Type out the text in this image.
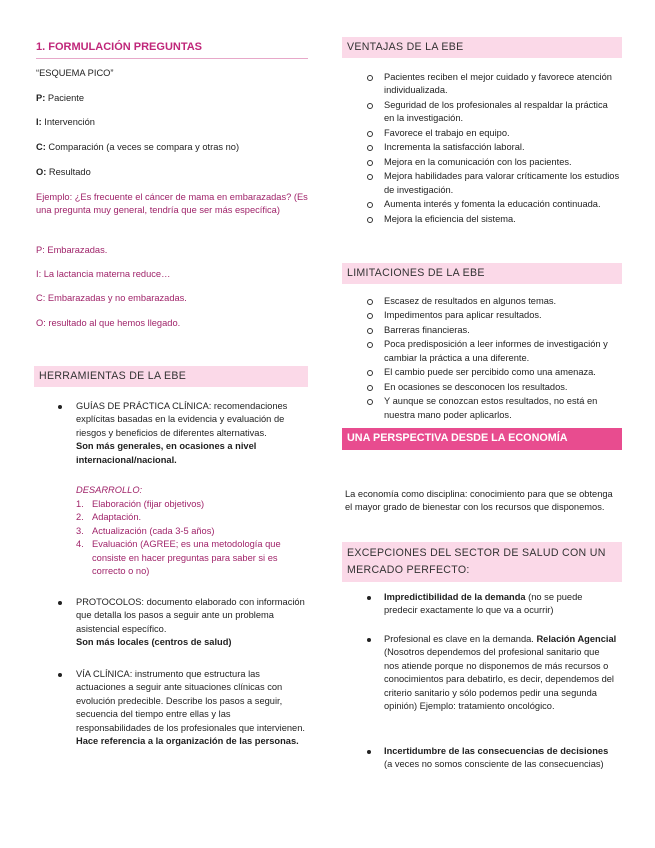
1. FORMULACIÓN PREGUNTAS
“ESQUEMA PICO”
P: Paciente
I: Intervención
C: Comparación (a veces se compara y otras no)
O: Resultado
Ejemplo: ¿Es frecuente el cáncer de mama en embarazadas? (Es una pregunta muy general, tendría que ser más específica)
P: Embarazadas.
I: La lactancia materna reduce…
C: Embarazadas y no embarazadas.
O: resultado al que hemos llegado.
HERRAMIENTAS DE LA EBE
GUÍAS DE PRÁCTICA CLÍNICA: recomendaciones explícitas basadas en la evidencia y evaluación de riesgos y beneficios de diferentes alternativas.
Son más generales, en ocasiones a nivel internacional/nacional.
DESARROLLO:
1. Elaboración (fijar objetivos)
2. Adaptación.
3. Actualización (cada 3-5 años)
4. Evaluación (AGREE; es una metodología que consiste en hacer preguntas para saber si es correcto o no)
PROTOCOLOS: documento elaborado con información que detalla los pasos a seguir ante un problema asistencial específico.
Son más locales (centros de salud)
VÍA CLÍNICA: instrumento que estructura las actuaciones a seguir ante situaciones clínicas con evolución predecible. Describe los pasos a seguir, secuencia del tiempo entre ellas y las responsabilidades de los profesionales que intervienen.
Hace referencia a la organización de las personas.
VENTAJAS DE LA EBE
Pacientes reciben el mejor cuidado y favorece atención individualizada.
Seguridad de los profesionales al respaldar la práctica en la investigación.
Favorece el trabajo en equipo.
Incrementa la satisfacción laboral.
Mejora en la comunicación con los pacientes.
Mejora habilidades para valorar críticamente los estudios de investigación.
Aumenta interés y fomenta la educación continuada.
Mejora la eficiencia del sistema.
LIMITACIONES DE LA EBE
Escasez de resultados en algunos temas.
Impedimentos para aplicar resultados.
Barreras financieras.
Poca predisposición a leer informes de investigación y cambiar la práctica a una diferente.
El cambio puede ser percibido como una amenaza.
En ocasiones se desconocen los resultados.
Y aunque se conozcan estos resultados, no está en nuestra mano poder aplicarlos.
UNA PERSPECTIVA DESDE LA ECONOMÍA
La economía como disciplina: conocimiento para que se obtenga el mayor grado de bienestar con los recursos que disponemos.
EXCEPCIONES DEL SECTOR DE SALUD CON UN MERCADO PERFECTO:
Impredictibilidad de la demanda (no se puede predecir exactamente lo que va a ocurrir)
Profesional es clave en la demanda. Relación Agencial (Nosotros dependemos del profesional sanitario que nos atiende porque no disponemos de más recursos o conocimientos para debatirlo, es decir, dependemos del criterio sanitario y sólo podemos pedir una segunda opinión) Ejemplo: tratamiento oncológico.
Incertidumbre de las consecuencias de decisiones (a veces no somos consciente de las consecuencias)
